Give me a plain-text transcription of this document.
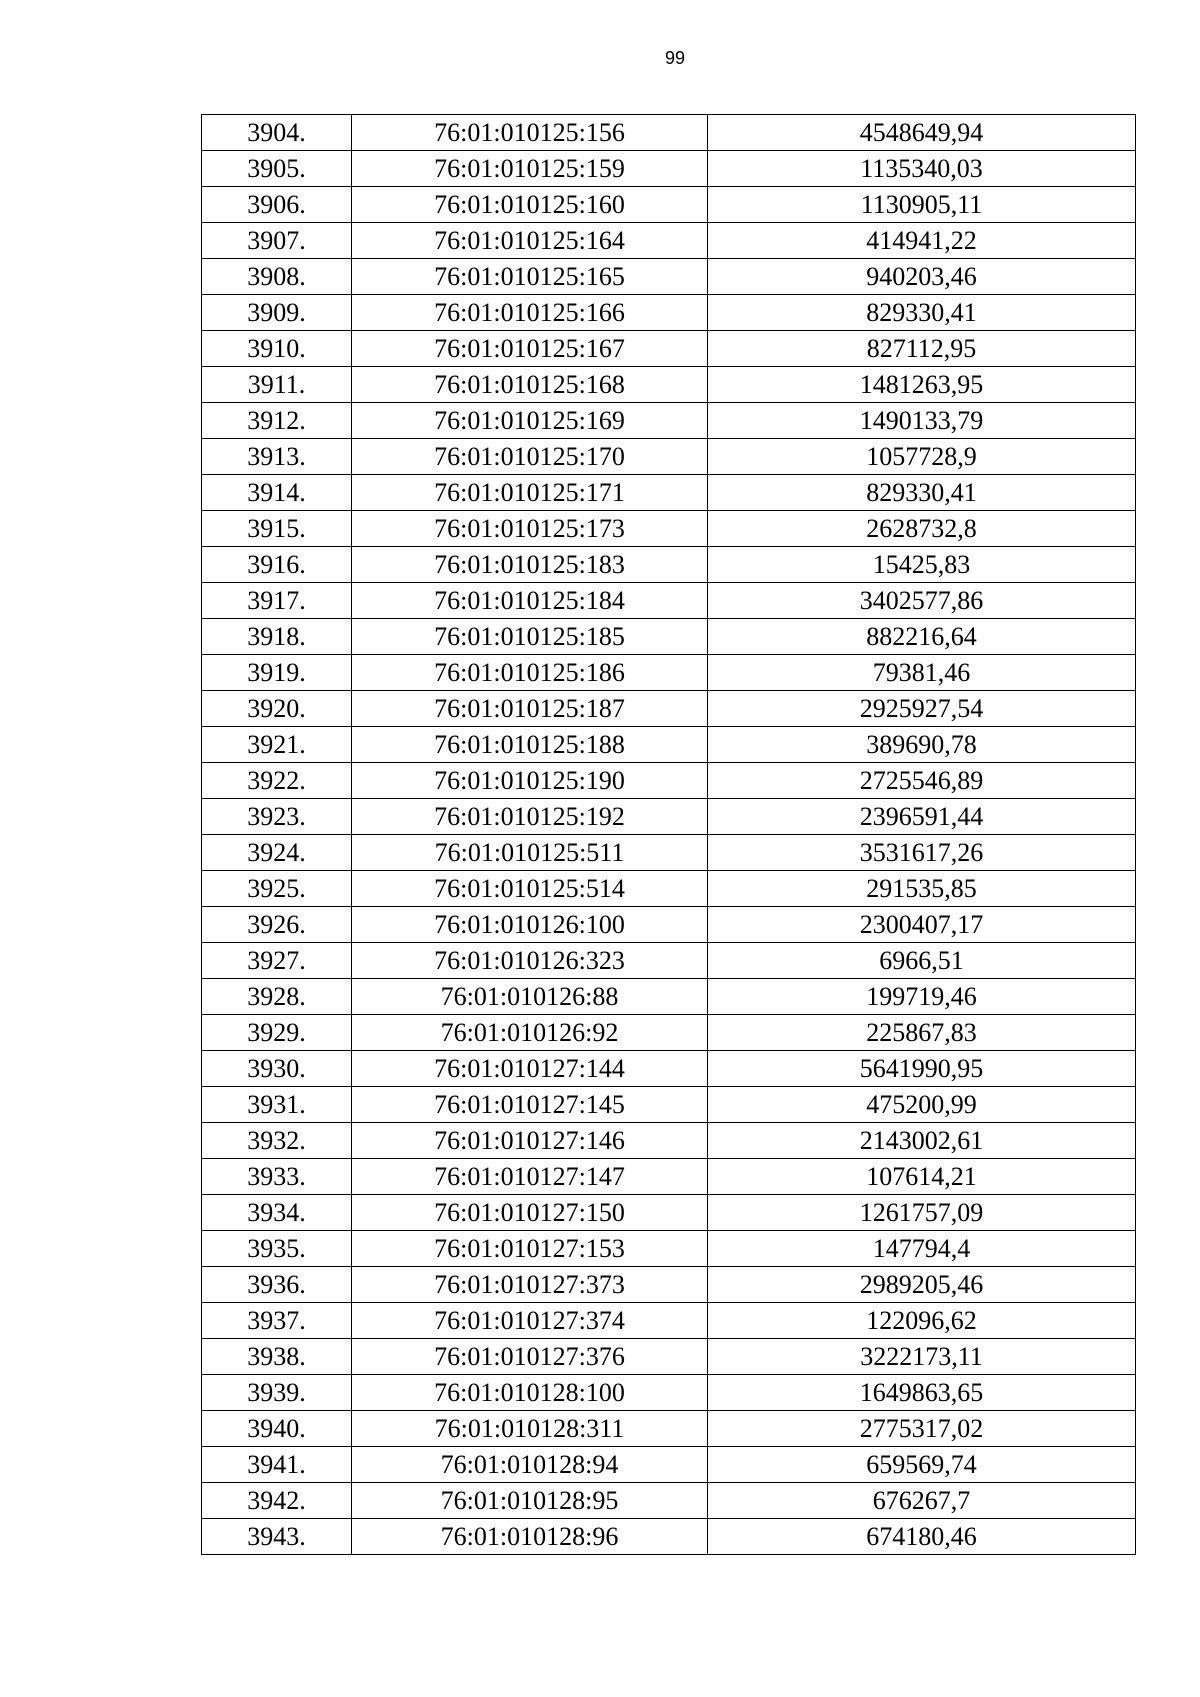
99
3904.	76:01:010125:156	4548649,94
3905.	76:01:010125:159	1135340,03
3906.	76:01:010125:160	1130905,11
3907.	76:01:010125:164	414941,22
3908.	76:01:010125:165	940203,46
3909.	76:01:010125:166	829330,41
3910.	76:01:010125:167	827112,95
3911.	76:01:010125:168	1481263,95
3912.	76:01:010125:169	1490133,79
3913.	76:01:010125:170	1057728,9
3914.	76:01:010125:171	829330,41
3915.	76:01:010125:173	2628732,8
3916.	76:01:010125:183	15425,83
3917.	76:01:010125:184	3402577,86
3918.	76:01:010125:185	882216,64
3919.	76:01:010125:186	79381,46
3920.	76:01:010125:187	2925927,54
3921.	76:01:010125:188	389690,78
3922.	76:01:010125:190	2725546,89
3923.	76:01:010125:192	2396591,44
3924.	76:01:010125:511	3531617,26
3925.	76:01:010125:514	291535,85
3926.	76:01:010126:100	2300407,17
3927.	76:01:010126:323	6966,51
3928.	76:01:010126:88	199719,46
3929.	76:01:010126:92	225867,83
3930.	76:01:010127:144	5641990,95
3931.	76:01:010127:145	475200,99
3932.	76:01:010127:146	2143002,61
3933.	76:01:010127:147	107614,21
3934.	76:01:010127:150	1261757,09
3935.	76:01:010127:153	147794,4
3936.	76:01:010127:373	2989205,46
3937.	76:01:010127:374	122096,62
3938.	76:01:010127:376	3222173,11
3939.	76:01:010128:100	1649863,65
3940.	76:01:010128:311	2775317,02
3941.	76:01:010128:94	659569,74
3942.	76:01:010128:95	676267,7
3943.	76:01:010128:96	674180,46
